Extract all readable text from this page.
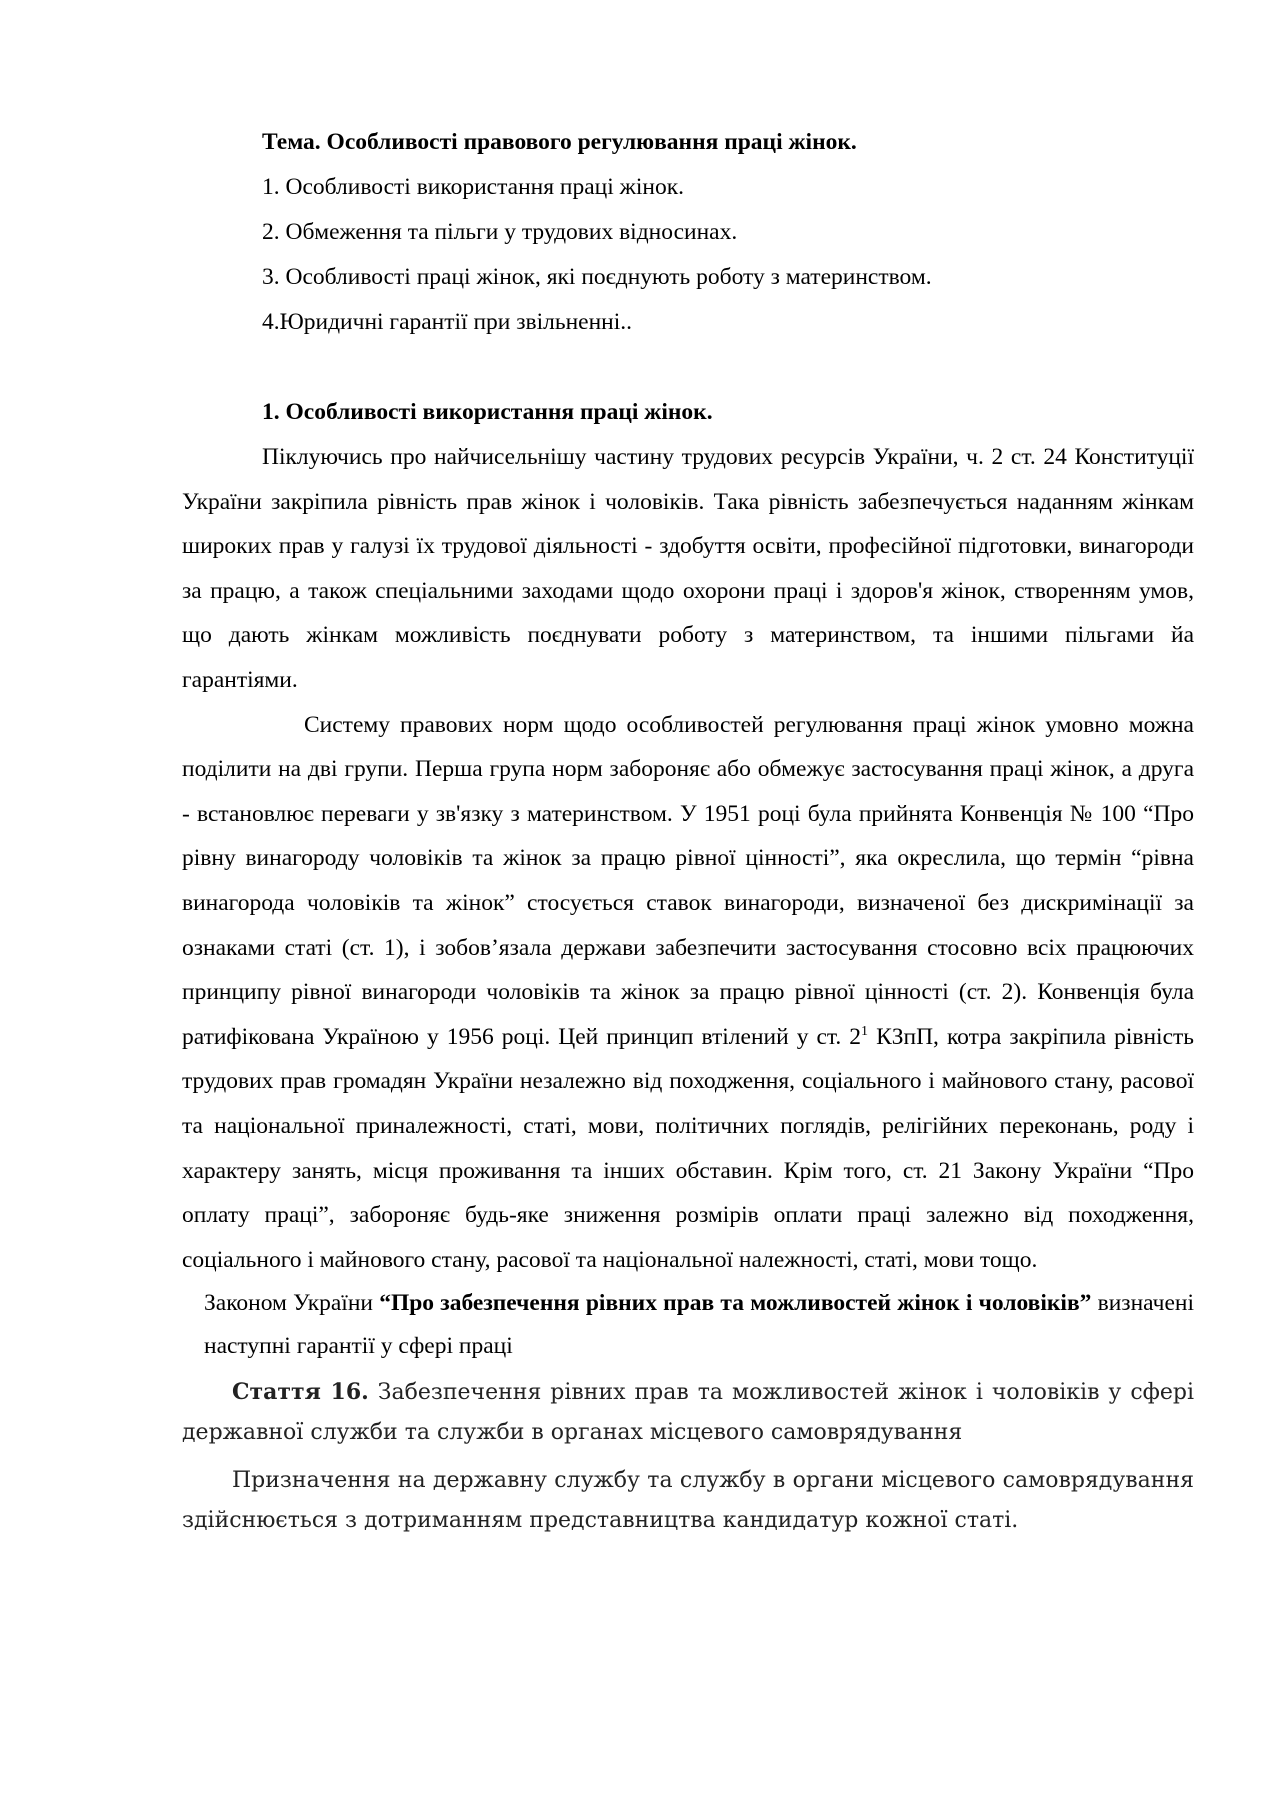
Тема. Особливості правового регулювання праці жінок.

1. Особливості використання праці жінок.

2. Обмеження та пільги у трудових відносинах.

3. Особливості праці жінок, які поєднують роботу з материнством.

4.Юридичні гарантії при звільненні..

1. Особливості використання праці жінок.

Піклуючись про найчисельнішу частину трудових ресурсів України, ч. 2 ст. 24 Конституції України закріпила рівність прав жінок і чоловіків. Така рівність забезпечується наданням жінкам широких прав у галузі їх трудової діяльності - здобуття освіти, професійної підготовки, винагороди за працю, а також спеціальними заходами щодо охорони праці і здоров'я жінок, створенням умов, що дають жінкам можливість поєднувати роботу з материнством, та іншими пільгами йа гарантіями.

Систему правових норм щодо особливостей регулювання праці жінок умовно можна поділити на дві групи. Перша група норм забороняє або обмежує застосування праці жінок, а друга - встановлює переваги у зв'язку з материнством. У 1951 році була прийнята Конвенція № 100 “Про рівну винагороду чоловіків та жінок за працю рівної цінності”, яка окреслила, що термін “рівна винагорода чоловіків та жінок” стосується ставок винагороди, визначеної без дискримінації за ознаками статі (ст. 1), і зобов’язала держави забезпечити застосування стосовно всіх працюючих принципу рівної винагороди чоловіків та жінок за працю рівної цінності (ст. 2). Конвенція була ратифікована Україною у 1956 році. Цей принцип втілений у ст. $2^1$ КЗпП, котра закріпила рівність трудових прав громадян України незалежно від походження, соціального і майнового стану, расової та національної приналежності, статі, мови, політичних поглядів, релігійних переконань, роду і характеру занять, місця проживання та інших обставин. Крім того, ст. 21 Закону України “Про оплату праці”, забороняє будь-яке зниження розмірів оплати праці залежно від походження, соціального і майнового стану, расової та національної належності, статі, мови тощо.

Законом України “Про забезпечення рівних прав та можливостей жінок і чоловіків” визначені наступні гарантії у сфері праці

Стаття 16. Забезпечення рівних прав та можливостей жінок і чоловіків у сфері державної служби та служби в органах місцевого самоврядування

Призначення на державну службу та службу в органи місцевого самоврядування здійснюється з дотриманням представництва кандидатур кожної статі.
